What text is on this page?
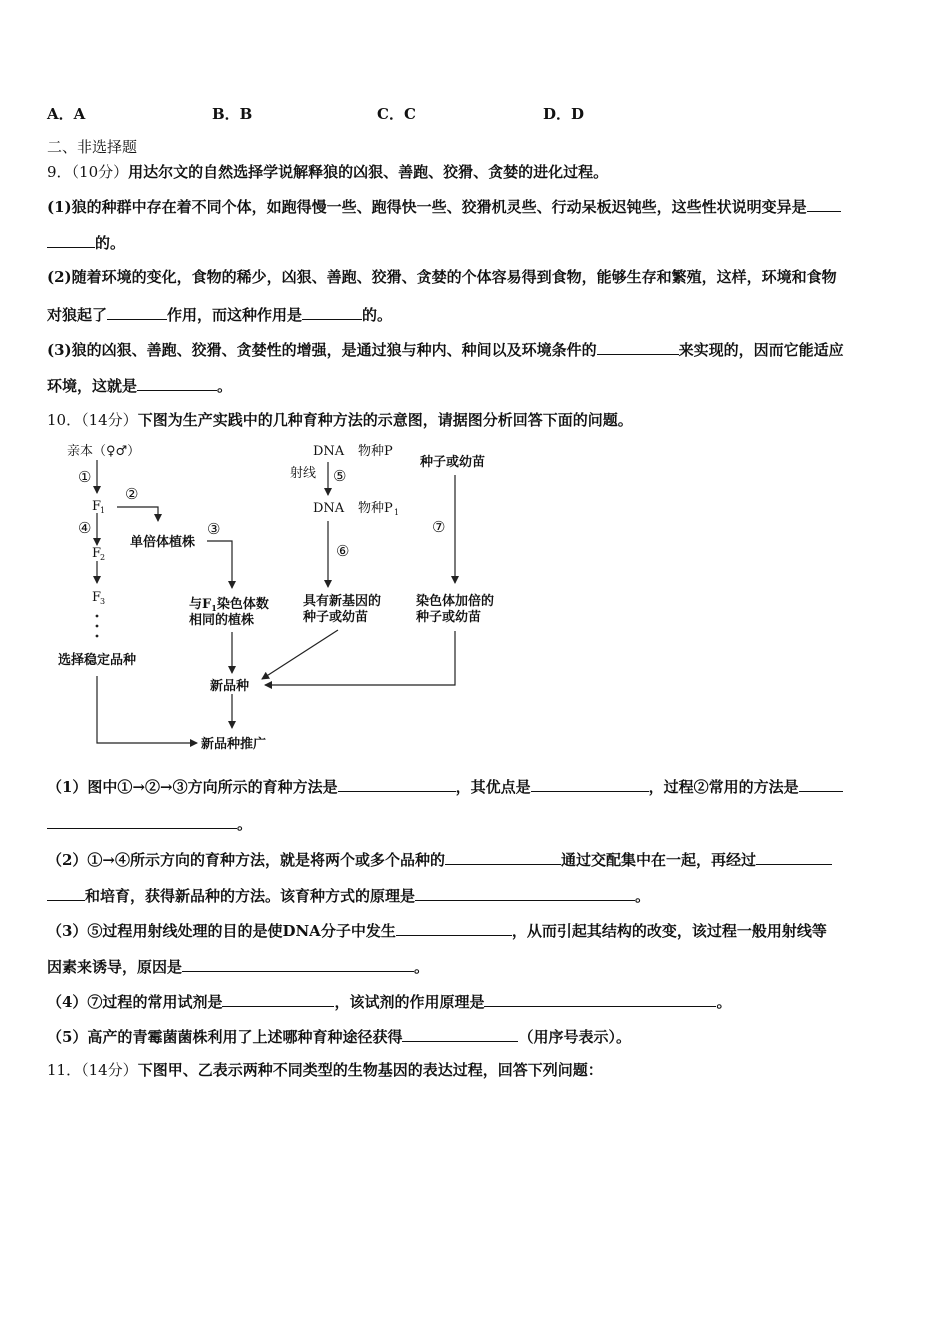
A．A	B．B	C．C	D．D
二、非选择题
9．（10分）用达尔文的自然选择学说解释狼的凶狠、善跑、狡猾、贪婪的进化过程。
(1)狼的种群中存在着不同个体，如跑得慢一些、跑得快一些、狡猾机灵些、行动呆板迟钝些，这些性状说明变异是
的。
(2)随着环境的变化，食物的稀少，凶狠、善跑、狡猾、贪婪的个体容易得到食物，能够生存和繁殖，这样，环境和食物
对狼起了	作用，而这种作用是	的。
(3)狼的凶狠、善跑、狡猾、贪婪性的增强，是通过狼与种内、种间以及环境条件的	来实现的，因而它能适应
环境，这就是	。
10．（14分）下图为生产实践中的几种育种方法的示意图，请据图分析回答下面的问题。
亲本（♀♂）
①
②
③
④
F
1
F
2
F
3
单倍体植株
与$F_1$染色体数
相同的植株
选择稳定品种
DNA 物种P
射线 ⑤
DNA 物种P 1
⑥
具有新基因的
种子或幼苗
种子或幼苗
⑦
染色体加倍的
种子或幼苗
新品种
新品种推广
（1）图中①→②→③方向所示的育种方法是	，其优点是	，过程②常用的方法是
。
（2）①→④所示方向的育种方法，就是将两个或多个品种的	通过交配集中在一起，再经过
和培育，获得新品种的方法。该育种方式的原理是	。
（3）⑤过程用射线处理的目的是使DNA分子中发生	，从而引起其结构的改变，该过程一般用射线等
因素来诱导，原因是	。
（4）⑦过程的常用试剂是	，该试剂的作用原理是	。
（5）高产的青霉菌菌株利用了上述哪种育种途径获得	（用序号表示）。
11．（14分）下图甲、乙表示两种不同类型的生物基因的表达过程，回答下列问题：
